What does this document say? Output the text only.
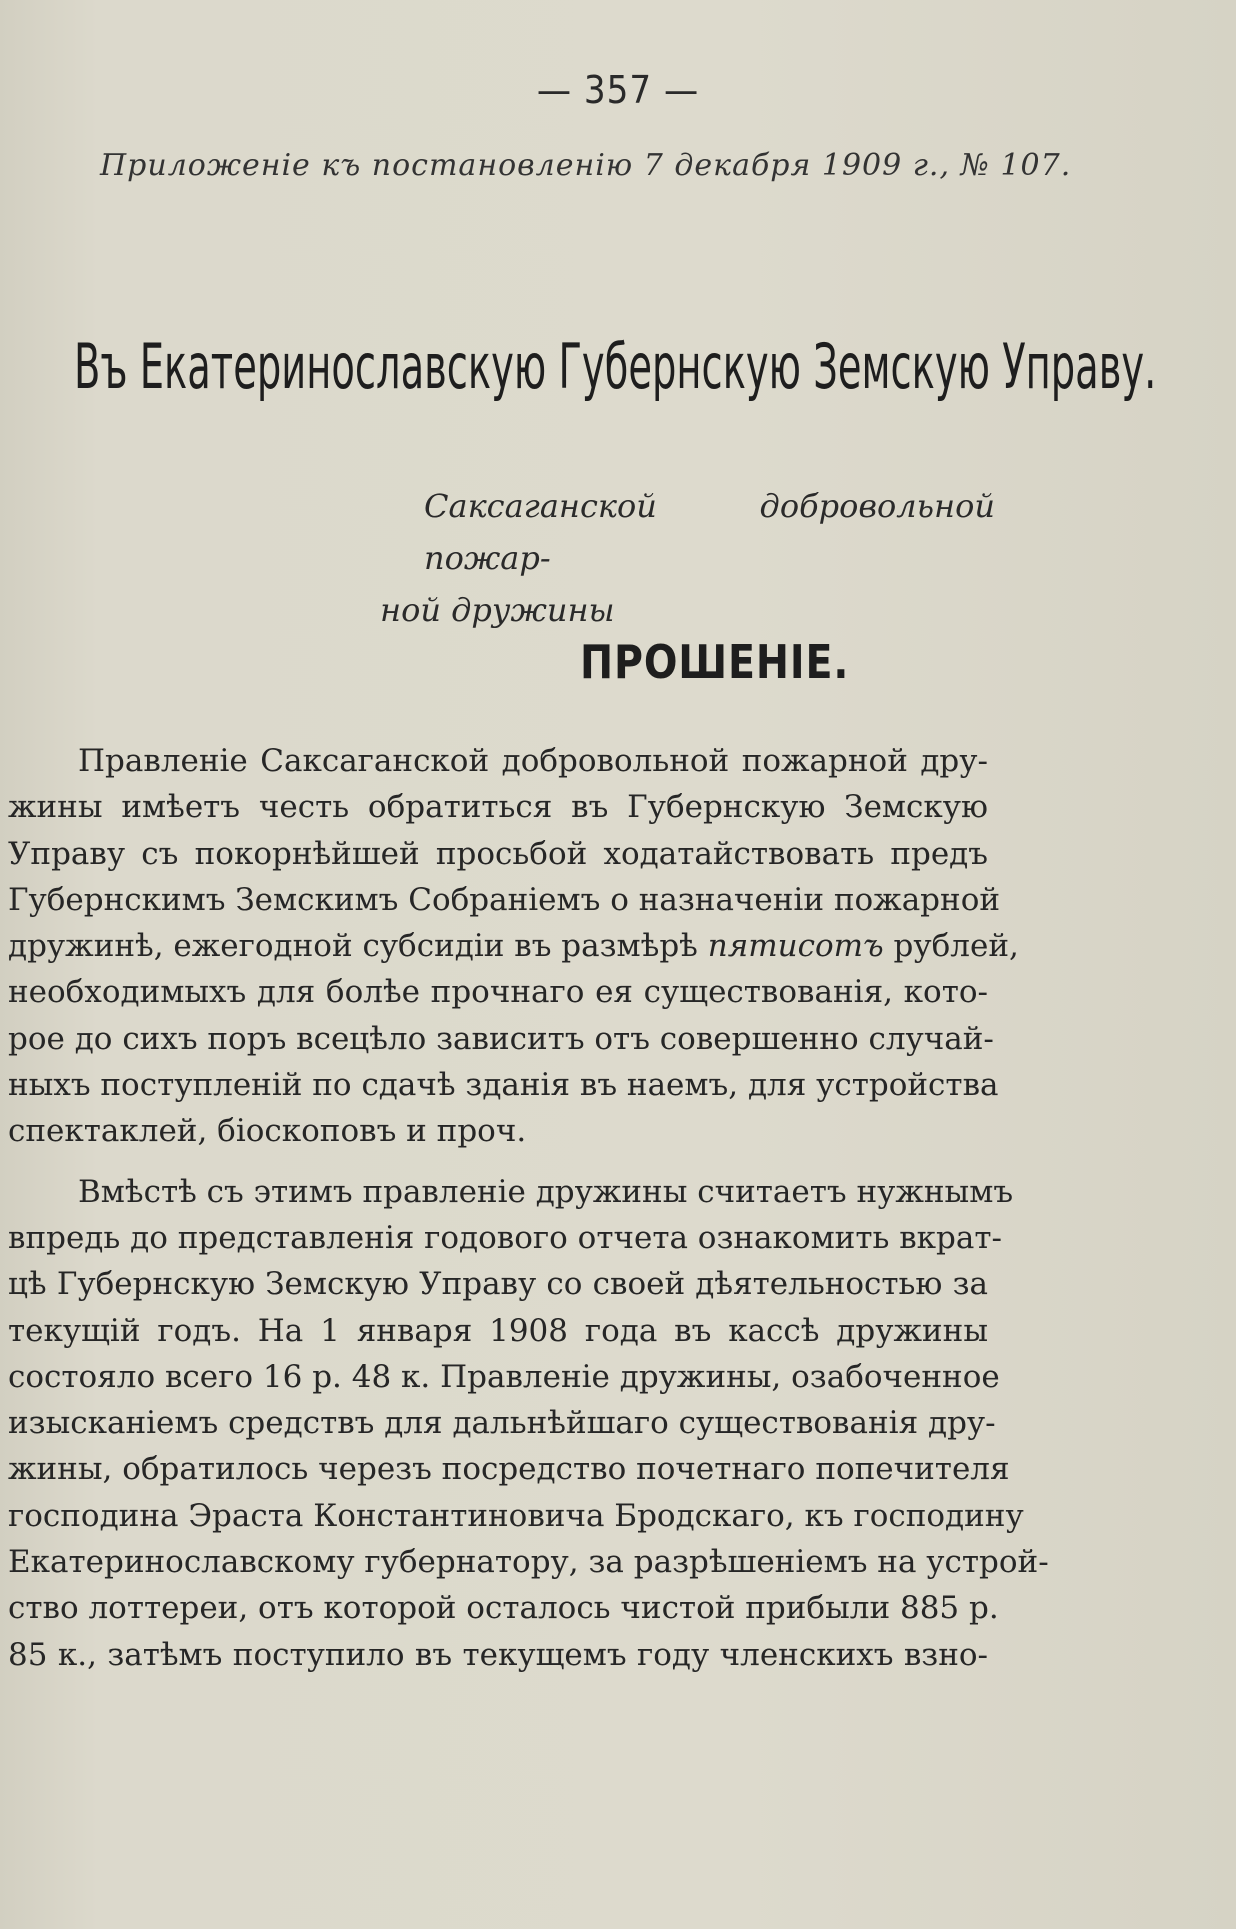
— 357 —
Приложеніе къ постановленію 7 декабря 1909 г., № 107.
Въ Екатеринославскую Губернскую Земскую Управу.
Саксаганской добровольной пожар-
ной дружины
ПРОШЕНІЕ.
Правленіе Саксаганской добровольной пожарной дру-
жины имѣетъ честь обратиться въ Губернскую Земскую
Управу съ покорнѣйшей просьбой ходатайствовать предъ
Губернскимъ Земскимъ Собраніемъ о назначеніи пожарной
дружинѣ, ежегодной субсидіи въ размѣрѣ пятисотъ рублей,
необходимыхъ для болѣе прочнаго ея существованія, кото-
рое до сихъ поръ всецѣло зависитъ отъ совершенно случай-
ныхъ поступленій по сдачѣ зданія въ наемъ, для устройства
спектаклей, біоскоповъ и проч.
Вмѣстѣ съ этимъ правленіе дружины считаетъ нужнымъ
впредь до представленія годового отчета ознакомить вкрат-
цѣ Губернскую Земскую Управу со своей дѣятельностью за
текущій годъ. На 1 января 1908 года въ кассѣ дружины
состояло всего 16 р. 48 к. Правленіе дружины, озабоченное
изысканіемъ средствъ для дальнѣйшаго существованія дру-
жины, обратилось черезъ посредство почетнаго попечителя
господина Эраста Константиновича Бродскаго, къ господину
Екатеринославскому губернатору, за разрѣшеніемъ на устрой-
ство лоттереи, отъ которой осталось чистой прибыли 885 р.
85 к., затѣмъ поступило въ текущемъ году членскихъ взно-
